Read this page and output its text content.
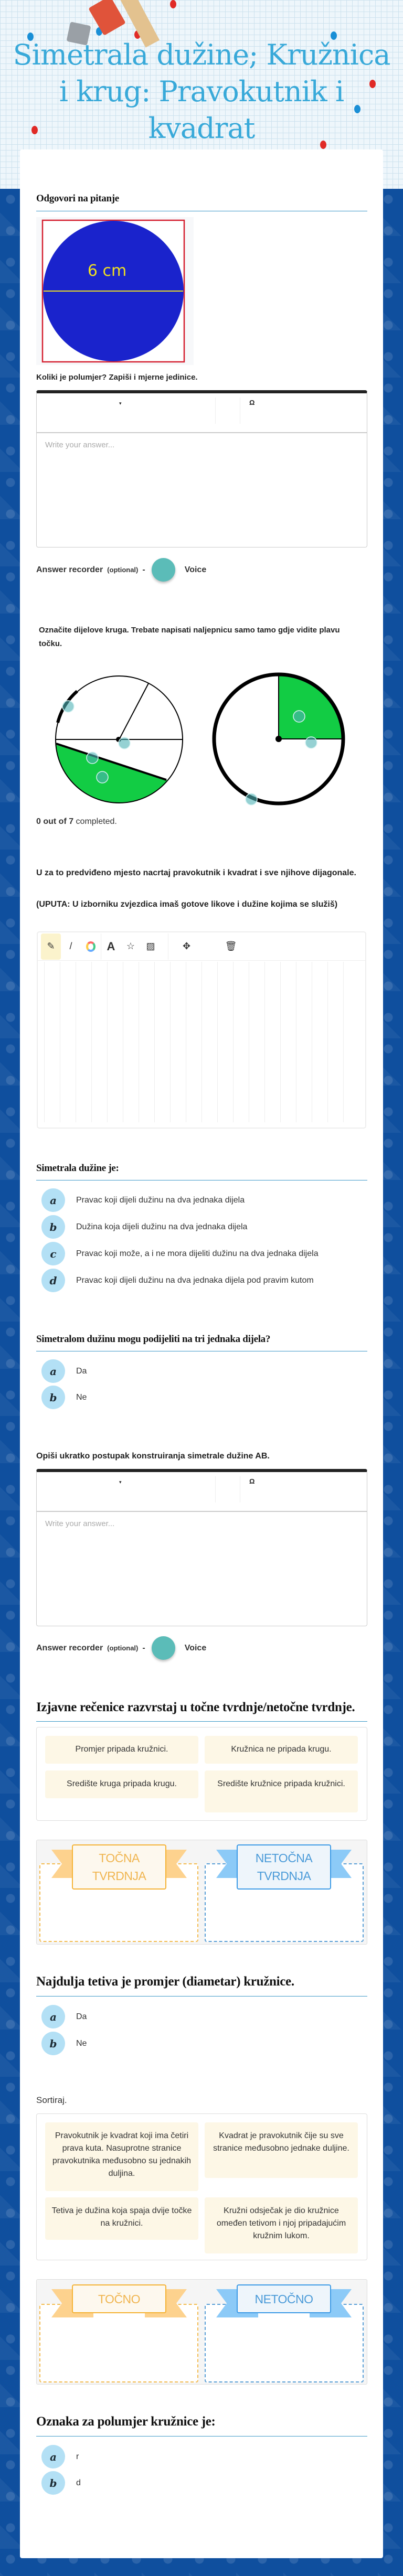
Simetrala dužine; Kružnica
i krug: Pravokutnik i
kvadrat
Odgovori na pitanje
6 cm
Koliki je polumjer? Zapiši i mjerne jedinice.
▾	Ω
Write your answer...
Answer recorder (optional) -	Voice
Označite dijelove kruga. Trebate napisati naljepnicu samo tamo gdje vidite plavu točku.
0 out of 7 completed.
U za to predviđeno mjesto nacrtaj pravokutnik i kvadrat i sve njihove dijagonale.
(UPUTA: U izborniku zvjezdica imaš gotove likove i dužine kojima se služiš)
✎	/	A	☆	▨	✥	🗑
Simetrala dužine je:
a	Pravac koji dijeli dužinu na dva jednaka dijela
b	Dužina koja dijeli dužinu na dva jednaka dijela
c	Pravac koji može, a i ne mora dijeliti dužinu na dva jednaka dijela
d	Pravac koji dijeli dužinu na dva jednaka dijela pod pravim kutom
Simetralom dužinu mogu podijeliti na tri jednaka dijela?
a	Da
b	Ne
Opiši ukratko postupak konstruiranja simetrale dužine AB.
▾	Ω
Write your answer...
Answer recorder (optional) -	Voice
Izjavne rečenice razvrstaj u točne tvrdnje/netočne tvrdnje.
Promjer pripada kružnici.	Kružnica ne pripada krugu.
Središte kruga pripada krugu.	Središte kružnice pripada kružnici.
TOČNA TVRDNJA
NETOČNA TVRDNJA
Najdulja tetiva je promjer (diametar) kružnice.
a	Da
b	Ne
Sortiraj.
Pravokutnik je kvadrat koji ima četiri prava kuta. Nasuprotne stranice pravokutnika međusobno su jednakih duljina.
Kvadrat je pravokutnik čije su sve stranice međusobno jednake duljine.
Tetiva je dužina koja spaja dvije točke na kružnici.
Kružni odsječak je dio kružnice omeđen tetivom i njoj pripadajućim kružnim lukom.
TOČNO	NETOČNO
Oznaka za polumjer kružnice je:
a	r
b	d
